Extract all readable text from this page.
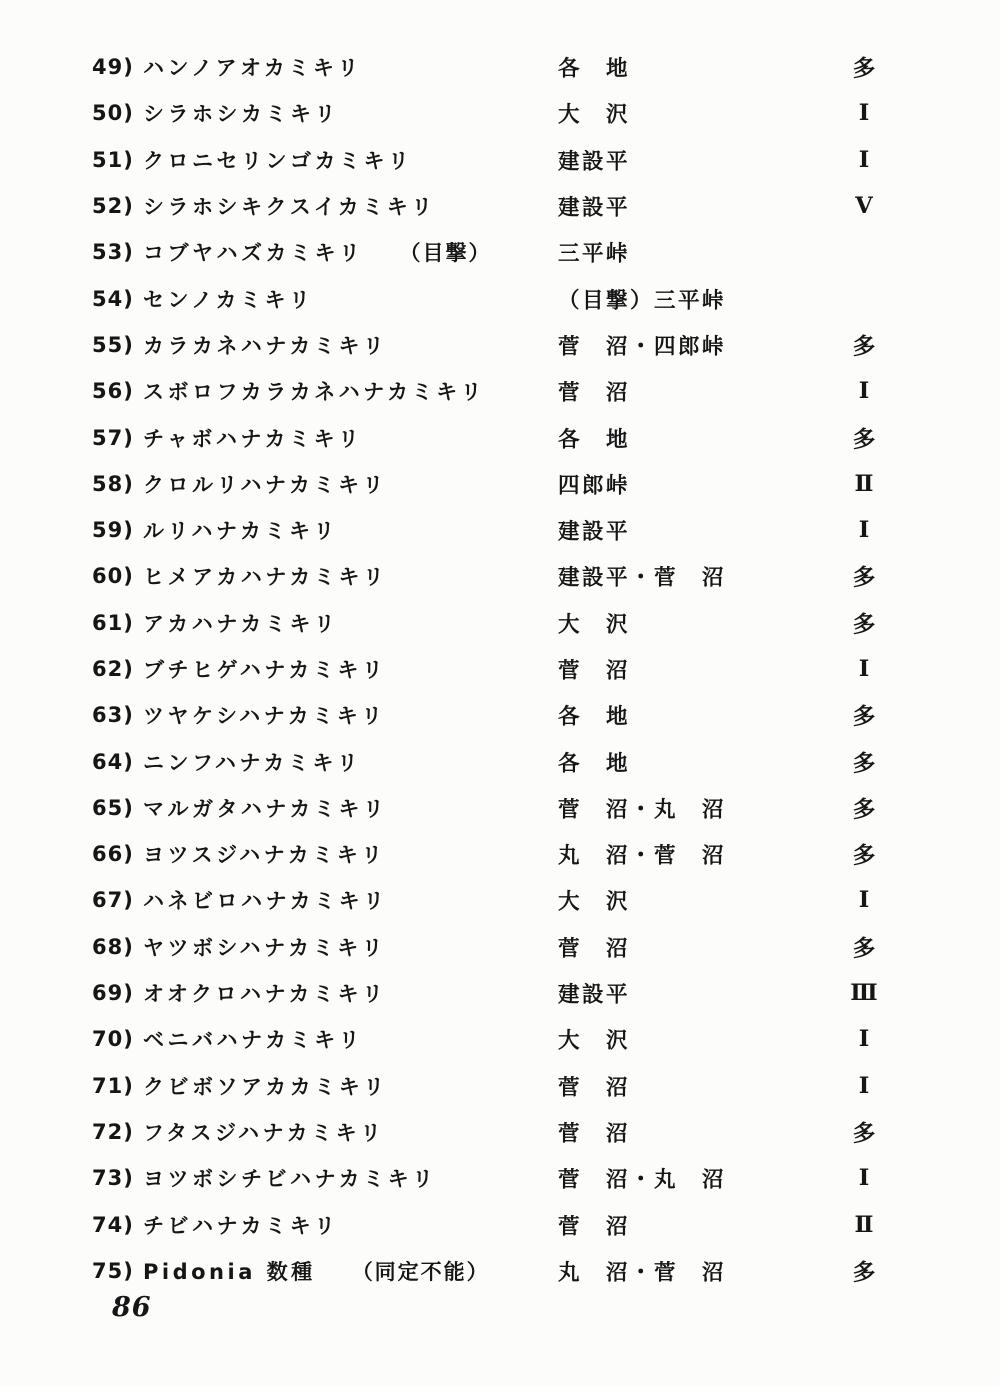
49) ハンノアオカミキリ	各　地	多
50) シラホシカミキリ	大　沢	Ⅰ
51) クロニセリンゴカミキリ	建設平	Ⅰ
52) シラホシキクスイカミキリ	建設平	Ⅴ
53) コブヤハズカミキリ （目撃）	三平峠
54) センノカミキリ	（目撃）三平峠
55) カラカネハナカミキリ	菅　沼・四郎峠	多
56) スボロフカラカネハナカミキリ	菅　沼	Ⅰ
57) チャボハナカミキリ	各　地	多
58) クロルリハナカミキリ	四郎峠	Ⅱ
59) ルリハナカミキリ	建設平	Ⅰ
60) ヒメアカハナカミキリ	建設平・菅　沼	多
61) アカハナカミキリ	大　沢	多
62) ブチヒゲハナカミキリ	菅　沼	Ⅰ
63) ツヤケシハナカミキリ	各　地	多
64) ニンフハナカミキリ	各　地	多
65) マルガタハナカミキリ	菅　沼・丸　沼	多
66) ヨツスジハナカミキリ	丸　沼・菅　沼	多
67) ハネビロハナカミキリ	大　沢	Ⅰ
68) ヤツボシハナカミキリ	菅　沼	多
69) オオクロハナカミキリ	建設平	Ⅲ
70) ベニバハナカミキリ	大　沢	Ⅰ
71) クビボソアカカミキリ	菅　沼	Ⅰ
72) フタスジハナカミキリ	菅　沼	多
73) ヨツボシチビハナカミキリ	菅　沼・丸　沼	Ⅰ
74) チビハナカミキリ	菅　沼	Ⅱ
75) Pidonia 数種 （同定不能）	丸　沼・菅　沼	多
86
